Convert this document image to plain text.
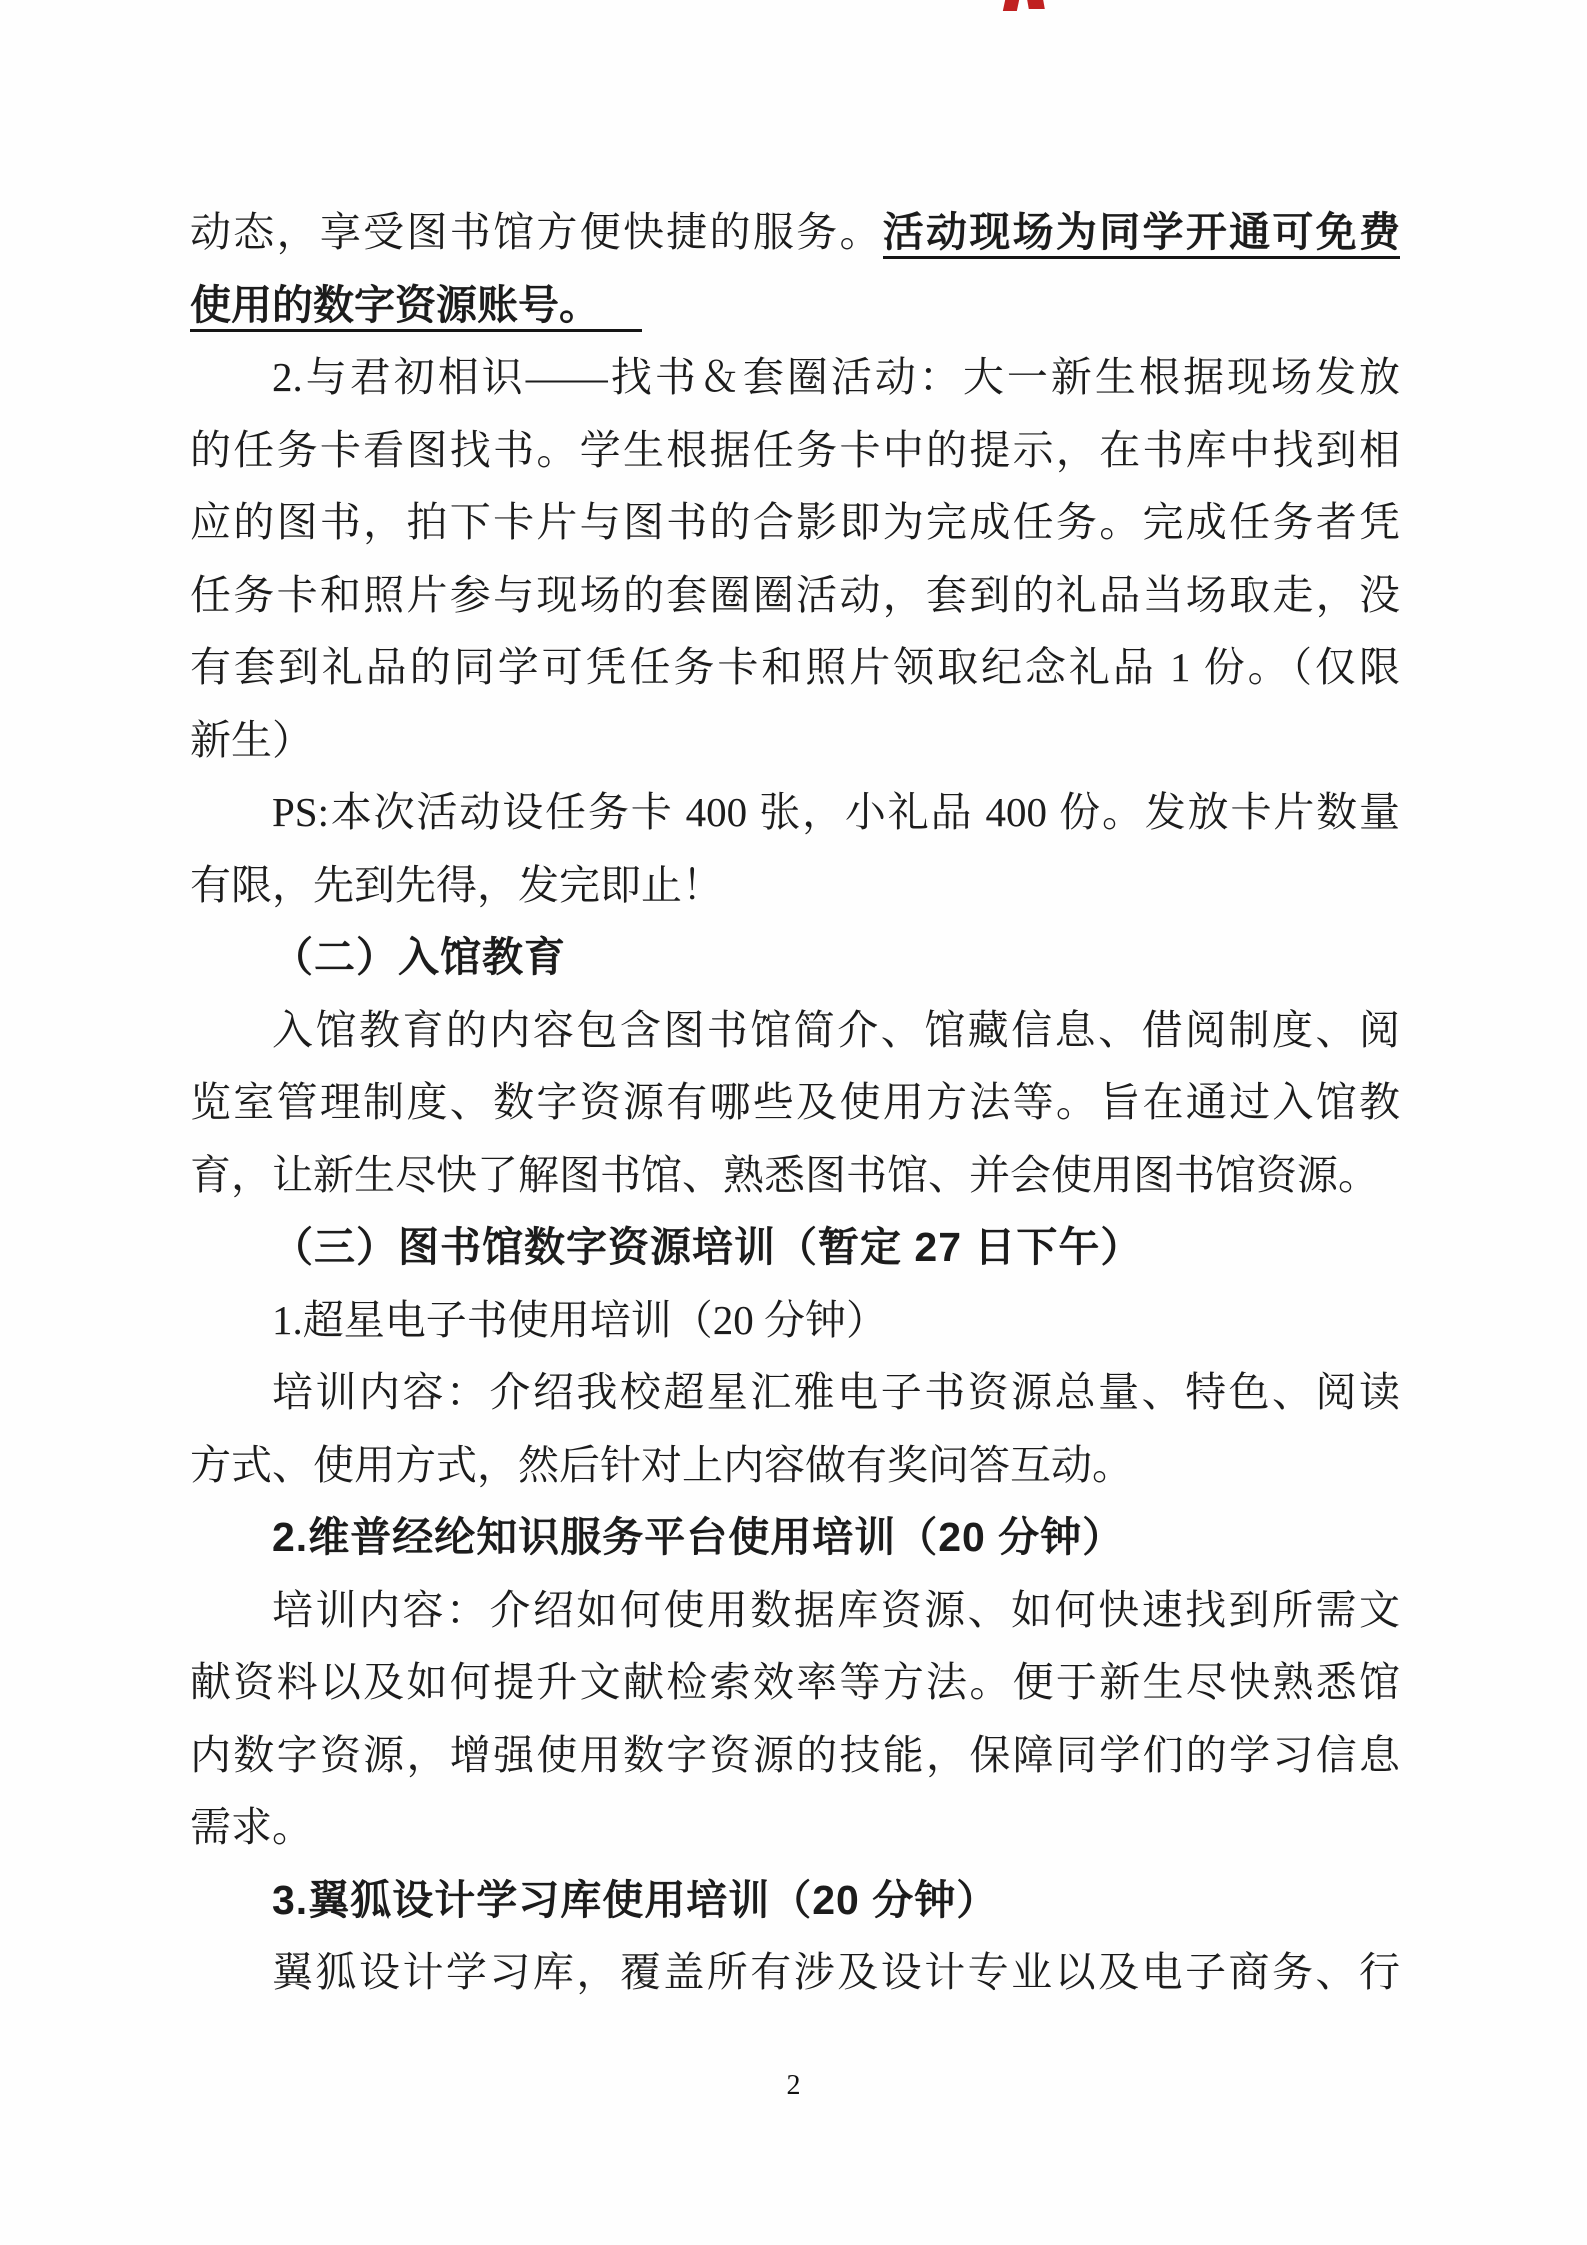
动态，享受图书馆方便快捷的服务。活动现场为同学开通可免费
使用的数字资源账号。
2.与君初相识——找书＆套圈活动：大一新生根据现场发放
的任务卡看图找书。学生根据任务卡中的提示，在书库中找到相
应的图书，拍下卡片与图书的合影即为完成任务。完成任务者凭
任务卡和照片参与现场的套圈圈活动，套到的礼品当场取走，没
有套到礼品的同学可凭任务卡和照片领取纪念礼品 1 份。（仅限
新生）
PS:本次活动设任务卡 400 张，小礼品 400 份。发放卡片数量
有限，先到先得，发完即止！
（二）入馆教育
入馆教育的内容包含图书馆简介、馆藏信息、借阅制度、阅
览室管理制度、数字资源有哪些及使用方法等。旨在通过入馆教
育，让新生尽快了解图书馆、熟悉图书馆、并会使用图书馆资源。
（三）图书馆数字资源培训（暂定 27 日下午）
1.超星电子书使用培训（20 分钟）
培训内容：介绍我校超星汇雅电子书资源总量、特色、阅读
方式、使用方式，然后针对上内容做有奖问答互动。
2.维普经纶知识服务平台使用培训（20 分钟）
培训内容：介绍如何使用数据库资源、如何快速找到所需文
献资料以及如何提升文献检索效率等方法。便于新生尽快熟悉馆
内数字资源，增强使用数字资源的技能，保障同学们的学习信息
需求。
3.翼狐设计学习库使用培训（20 分钟）
翼狐设计学习库，覆盖所有涉及设计专业以及电子商务、行
2
